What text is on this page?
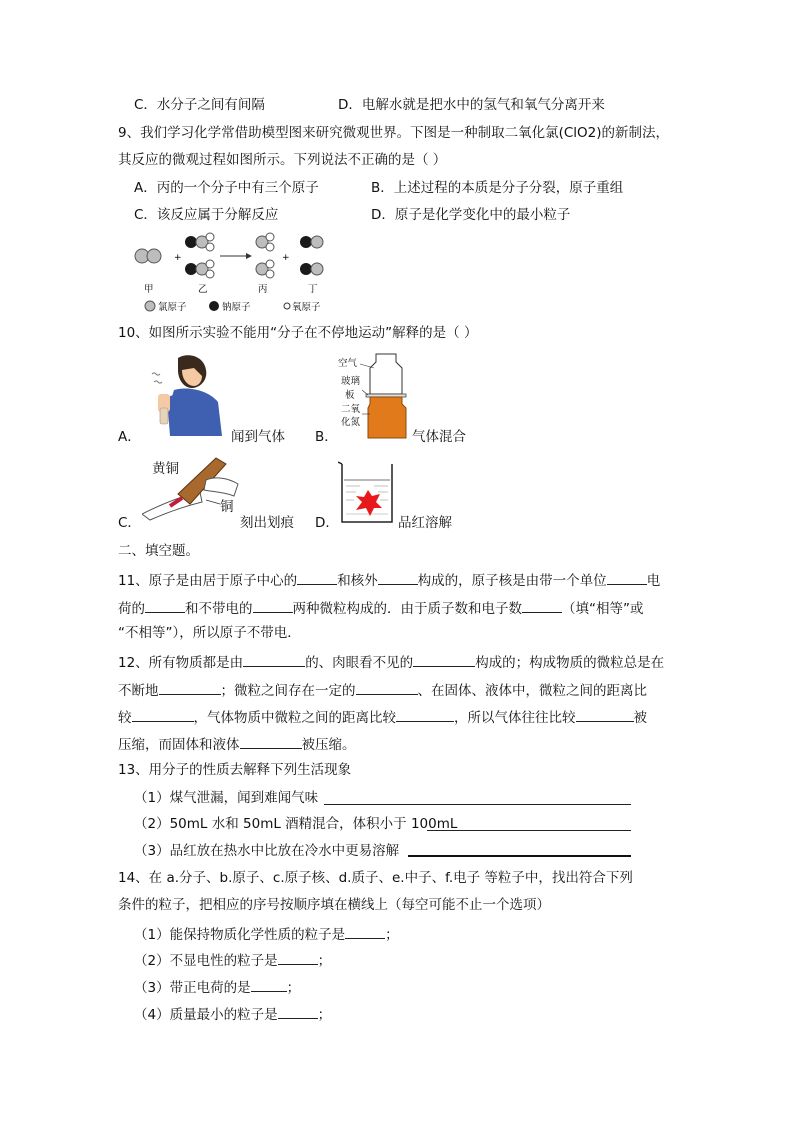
C．水分子之间有间隔	D．电解水就是把水中的氢气和氧气分离开来
9、我们学习化学常借助模型图来研究微观世界。下图是一种制取二氧化氯(ClO2)的新制法，
其反应的微观过程如图所示。下列说法不正确的是（ ）
A．丙的一个分子中有三个原子	B．上述过程的本质是分子分裂，原子重组
C．该反应属于分解反应	D．原子是化学变化中的最小粒子
+	+
甲	乙	丙	丁
氯原子	钠原子	氧原子
10、如图所示实验不能用“分子在不停地运动”解释的是（ ）
A．	闻到气体
空气
玻璃
板
二氧
化氮
B．	气体混合
黄铜
铜
C．	刻出划痕 D．	品红溶解
二、填空题。
11、原子是由居于原子中心的	和核外	构成的，原子核是由带一个单位	电
荷的	和不带电的	两种微粒构成的．由于质子数和电子数	（填“相等”或
“不相等”），所以原子不带电．
12、所有物质都是由	的、肉眼看不见的	构成的；构成物质的微粒总是在
不断地	；微粒之间存在一定的	、在固体、液体中，微粒之间的距离比
较	，气体物质中微粒之间的距离比较	，所以气体往往比较	被
压缩，而固体和液体	被压缩。
13、用分子的性质去解释下列生活现象
（1）煤气泄漏，闻到难闻气味
（2）50mL 水和 50mL 酒精混合，体积小于 100mL
（3）品红放在热水中比放在冷水中更易溶解
14、在 a.分子、b.原子、c.原子核、d.质子、e.中子、f.电子 等粒子中，找出符合下列
条件的粒子，把相应的序号按顺序填在横线上（每空可能不止一个选项）
（1）能保持物质化学性质的粒子是	；
（2）不显电性的粒子是	；
（3）带正电荷的是	；
（4）质量最小的粒子是	；
